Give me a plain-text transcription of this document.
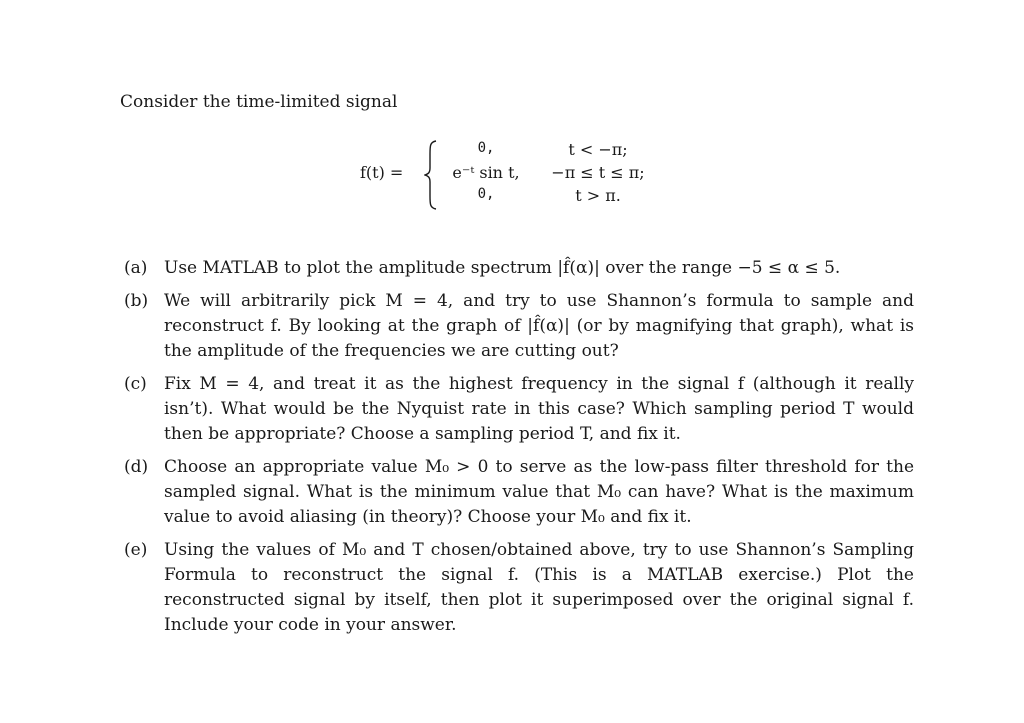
Consider the time-limited signal
f(t) =
0,	t < −π;
e⁻ᵗ sin t,	−π ≤ t ≤ π;
0,	t > π.
(a) Use MATLAB to plot the amplitude spectrum |f̂(α)| over the range −5 ≤ α ≤ 5.
(b) We will arbitrarily pick M = 4, and try to use Shannon’s formula to sample and reconstruct f. By looking at the graph of |f̂(α)| (or by magnifying that graph), what is the amplitude of the frequencies we are cutting out?
(c)	Fix M = 4, and treat it as the highest frequency in the signal f (although it really isn’t). What would be the Nyquist rate in this case? Which sampling period T would then be appropriate? Choose a sampling period T, and fix it.
(d) Choose an appropriate value M₀ > 0 to serve as the low-pass filter threshold for the sampled signal. What is the minimum value that M₀ can have? What is the maximum value to avoid aliasing (in theory)? Choose your M₀ and fix it.
(e) Using the values of M₀ and T chosen/obtained above, try to use Shannon’s Sampling Formula to reconstruct the signal f. (This is a MATLAB exercise.) Plot the reconstructed signal by itself, then plot it superimposed over the original signal f. Include your code in your answer.
